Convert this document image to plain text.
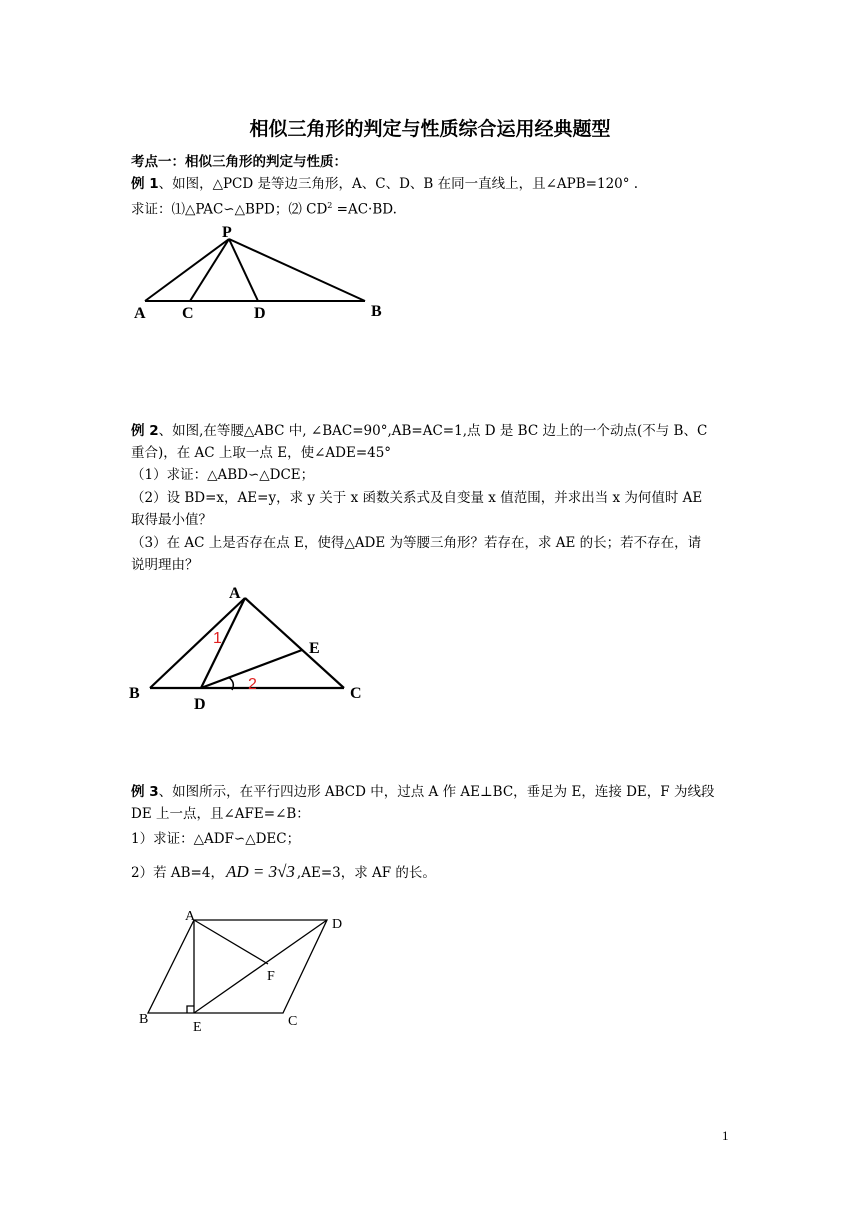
相似三角形的判定与性质综合运用经典题型
考点一：相似三角形的判定与性质：
例 1、如图，△PCD 是等边三角形，A、C、D、B 在同一直线上，且∠APB=120° .
求证：⑴△PAC∽△BPD；⑵ $CD^2 =AC\cdot BD$.
P
A C	D	B
例 2、如图,在等腰△ABC 中, ∠BAC=90°,AB=AC=1,点 D 是 BC 边上的一个动点(不与 B、C
重合)，在 AC 上取一点 E，使∠ADE=45°
（1）求证：△ABD∽△DCE；
（2）设 BD=x，AE=y，求 y 关于 x 函数关系式及自变量 x 值范围，并求出当 x 为何值时 AE
取得最小值？
（3）在 AC 上是否存在点 E，使得△ADE 为等腰三角形？若存在，求 AE 的长；若不存在，请
说明理由？
A
B	C
D
E
1
2
例 3、如图所示，在平行四边形 ABCD 中，过点 A 作 AE⊥BC，垂足为 E，连接 DE，F 为线段
DE 上一点，且∠AFE=∠B：
1）求证：△ADF∽△DEC；
2）若 AB=4， AD = 3√3 ,AE=3，求 AF 的长。
A
D
F
B
E	C
1
